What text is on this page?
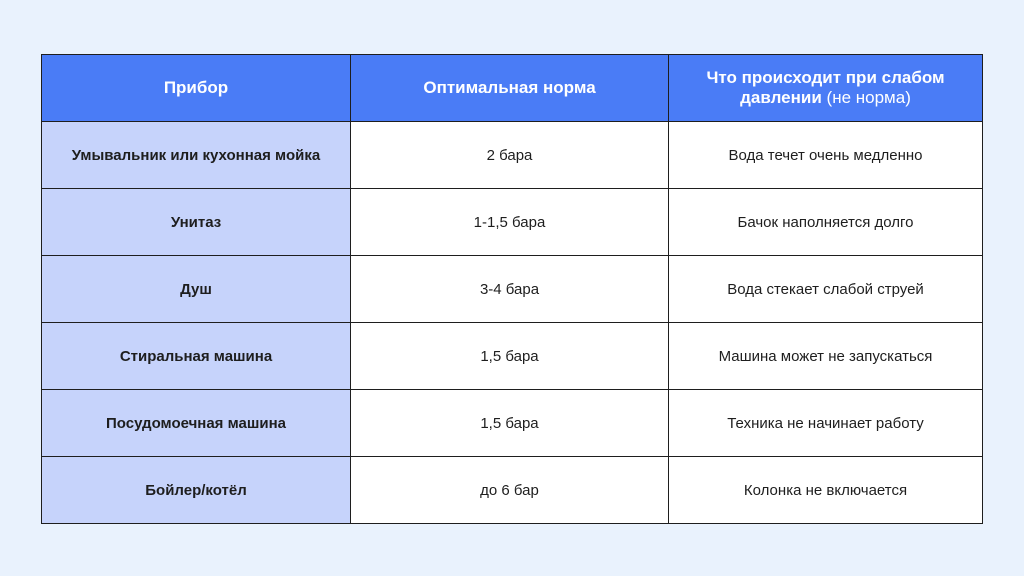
Прибор	Оптимальная норма	Что происходит при слабом давлении (не норма)
Умывальник или кухонная мойка	2 бара	Вода течет очень медленно
Унитаз	1-1,5 бара	Бачок наполняется долго
Душ	3-4 бара	Вода стекает слабой струей
Стиральная машина	1,5 бара	Машина может не запускаться
Посудомоечная машина	1,5 бара	Техника не начинает работу
Бойлер/котёл	до 6 бар	Колонка не включается
